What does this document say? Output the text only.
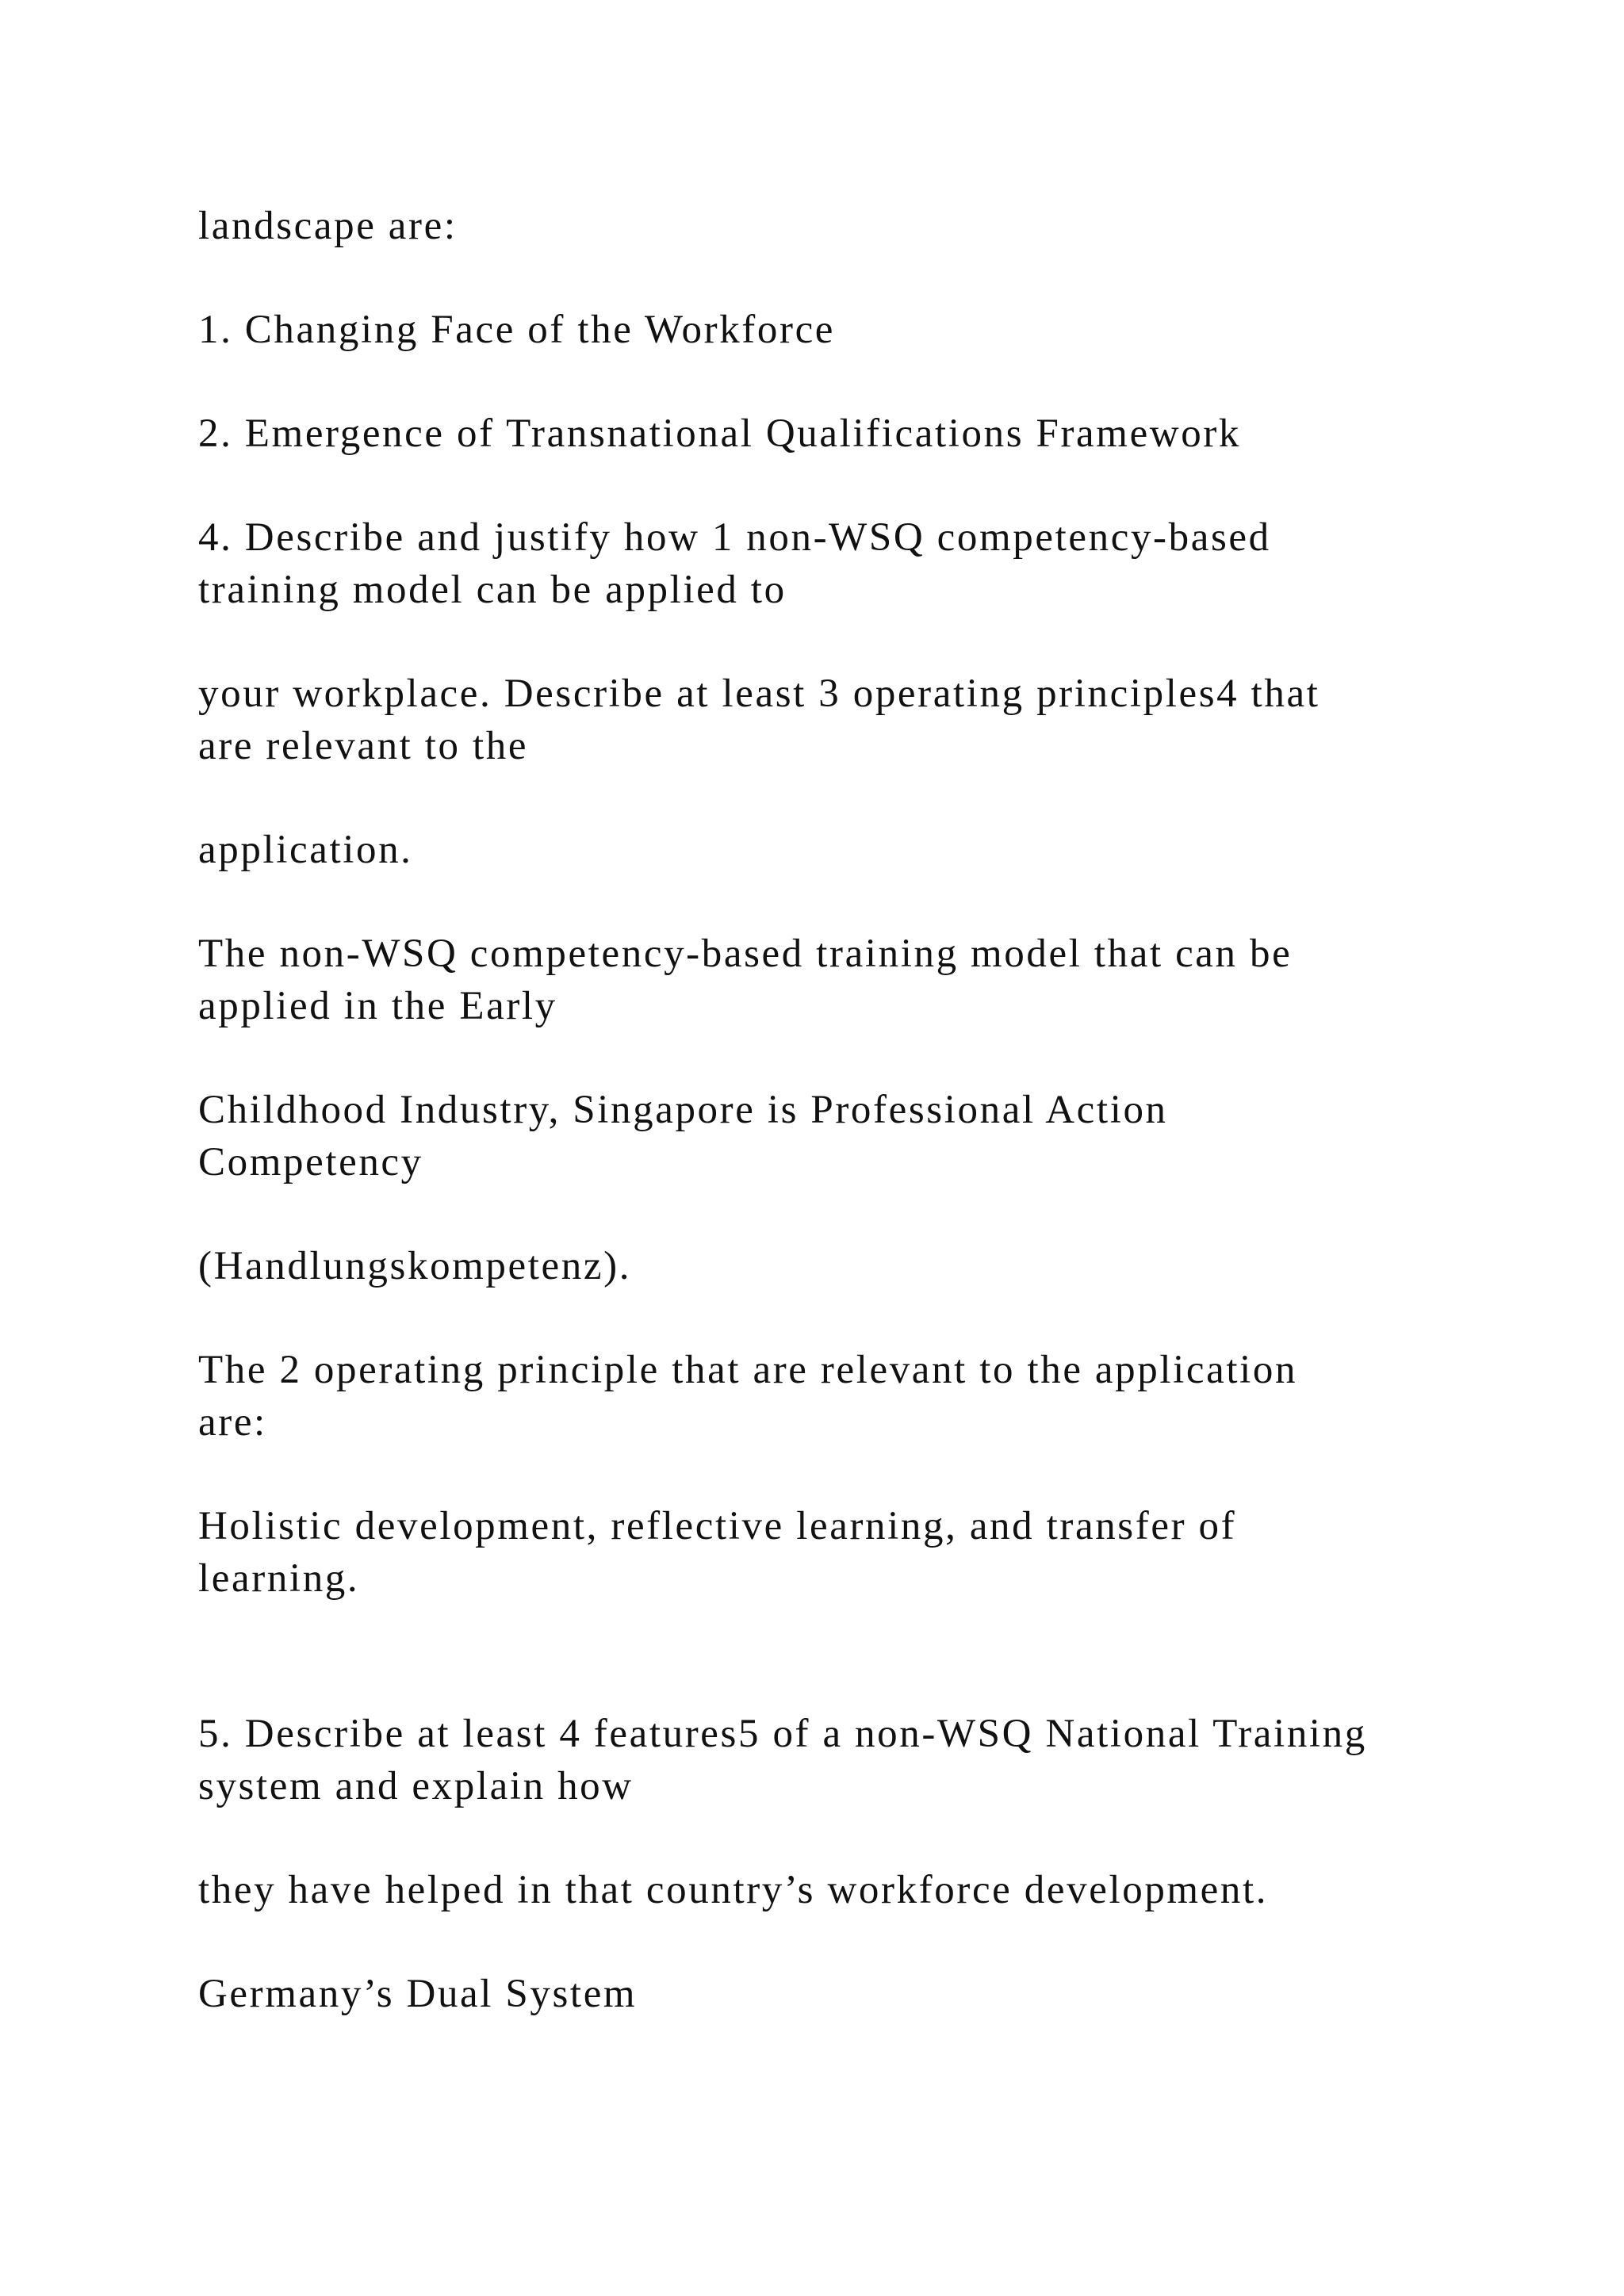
landscape are:

1. Changing Face of the Workforce

2. Emergence of Transnational Qualifications Framework

4. Describe and justify how 1 non-WSQ competency-based

training model can be applied to

your workplace. Describe at least 3 operating principles4 that

are relevant to the

application.

The non-WSQ competency-based training model that can be

applied in the Early

Childhood Industry, Singapore is Professional Action

Competency

(Handlungskompetenz).

The 2 operating principle that are relevant to the application

are:

Holistic development, reflective learning, and transfer of

learning.

5. Describe at least 4 features5 of a non-WSQ National Training

system and explain how

they have helped in that country’s workforce development.

Germany’s Dual System
